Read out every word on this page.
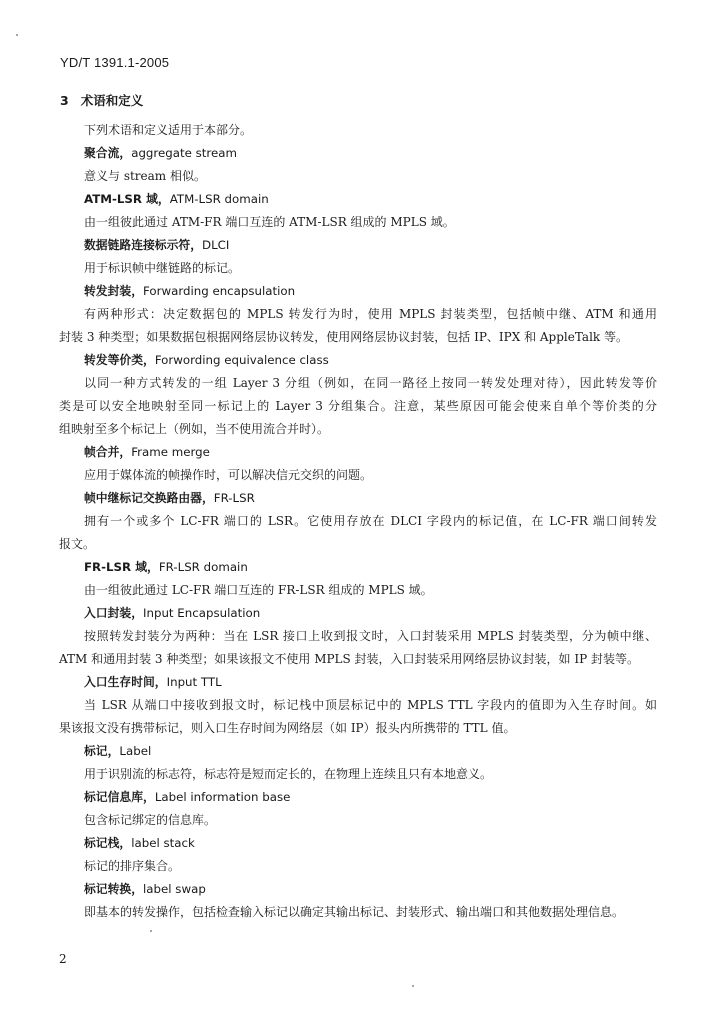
YD/T 1391.1-2005
3 术语和定义
下列术语和定义适用于本部分。
聚合流，aggregate stream
意义与 stream 相似。
ATM-LSR 域，ATM-LSR domain
由一组彼此通过 ATM-FR 端口互连的 ATM-LSR 组成的 MPLS 域。
数据链路连接标示符，DLCI
用于标识帧中继链路的标记。
转发封装，Forwarding encapsulation
有两种形式：决定数据包的 MPLS 转发行为时，使用 MPLS 封装类型，包括帧中继、ATM 和通用
封装 3 种类型；如果数据包根据网络层协议转发，使用网络层协议封装，包括 IP、IPX 和 AppleTalk 等。
转发等价类，Forwording equivalence class
以同一种方式转发的一组 Layer 3 分组（例如，在同一路径上按同一转发处理对待），因此转发等价
类是可以安全地映射至同一标记上的 Layer 3 分组集合。注意，某些原因可能会使来自单个等价类的分
组映射至多个标记上（例如，当不使用流合并时）。
帧合并，Frame merge
应用于媒体流的帧操作时，可以解决信元交织的问题。
帧中继标记交换路由器，FR-LSR
拥有一个或多个 LC-FR 端口的 LSR。它使用存放在 DLCI 字段内的标记值，在 LC-FR 端口间转发
报文。
FR-LSR 域，FR-LSR domain
由一组彼此通过 LC-FR 端口互连的 FR-LSR 组成的 MPLS 域。
入口封装，Input Encapsulation
按照转发封装分为两种：当在 LSR 接口上收到报文时，入口封装采用 MPLS 封装类型，分为帧中继、
ATM 和通用封装 3 种类型；如果该报文不使用 MPLS 封装，入口封装采用网络层协议封装，如 IP 封装等。
入口生存时间，Input TTL
当 LSR 从端口中接收到报文时，标记栈中顶层标记中的 MPLS TTL 字段内的值即为入生存时间。如
果该报文没有携带标记，则入口生存时间为网络层（如 IP）报头内所携带的 TTL 值。
标记，Label
用于识别流的标志符，标志符是短而定长的，在物理上连续且只有本地意义。
标记信息库，Label information base
包含标记绑定的信息库。
标记栈，label stack
标记的排序集合。
标记转换，label swap
即基本的转发操作，包括检查输入标记以确定其输出标记、封装形式、输出端口和其他数据处理信息。
2
